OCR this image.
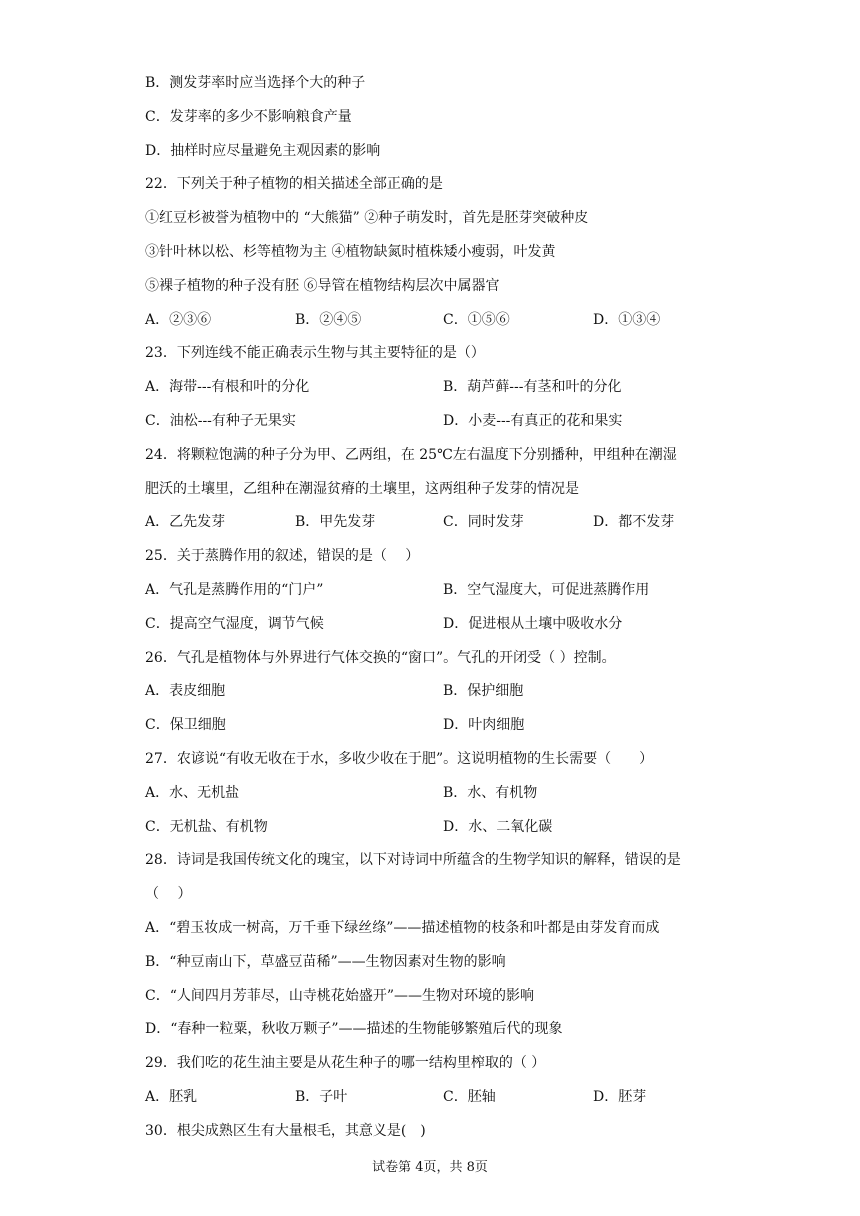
B．测发芽率时应当选择个大的种子
C．发芽率的多少不影响粮食产量
D．抽样时应尽量避免主观因素的影响
22．下列关于种子植物的相关描述全部正确的是
①红豆杉被誉为植物中的 “大熊猫” ②种子萌发时，首先是胚芽突破种皮
③针叶林以松、杉等植物为主 ④植物缺氮时植株矮小瘦弱，叶发黄
⑤裸子植物的种子没有胚 ⑥导管在植物结构层次中属器官
A．②③⑥	B．②④⑤	C．①⑤⑥	D．①③④
23．下列连线不能正确表示生物与其主要特征的是（）
A．海带---有根和叶的分化	B．葫芦藓---有茎和叶的分化
C．油松---有种子无果实	D．小麦---有真正的花和果实
24．将颗粒饱满的种子分为甲、乙两组，在 25℃左右温度下分别播种，甲组种在潮湿
肥沃的土壤里，乙组种在潮湿贫瘠的土壤里，这两组种子发芽的情况是
A．乙先发芽	B．甲先发芽	C．同时发芽	D．都不发芽
25．关于蒸腾作用的叙述，错误的是（　 ）
A．气孔是蒸腾作用的“门户”	B．空气湿度大，可促进蒸腾作用
C．提高空气湿度，调节气候	D．促进根从土壤中吸收水分
26．气孔是植物体与外界进行气体交换的“窗口”。气孔的开闭受（ ）控制。
A．表皮细胞	B．保护细胞
C．保卫细胞	D．叶肉细胞
27．农谚说“有收无收在于水，多收少收在于肥”。这说明植物的生长需要（　　）
A．水、无机盐	B．水、有机物
C．无机盐、有机物	D．水、二氧化碳
28．诗词是我国传统文化的瑰宝，以下对诗词中所蕴含的生物学知识的解释，错误的是
（　 ）
A．“碧玉妆成一树高，万千垂下绿丝绦”——描述植物的枝条和叶都是由芽发育而成
B．“种豆南山下，草盛豆苗稀”——生物因素对生物的影响
C．“人间四月芳菲尽，山寺桃花始盛开”——生物对环境的影响
D．“春种一粒粟，秋收万颗子”——描述的生物能够繁殖后代的现象
29．我们吃的花生油主要是从花生种子的哪一结构里榨取的（ ）
A．胚乳	B．子叶	C．胚轴	D．胚芽
30．根尖成熟区生有大量根毛，其意义是(　)
试卷第 4页，共 8页
